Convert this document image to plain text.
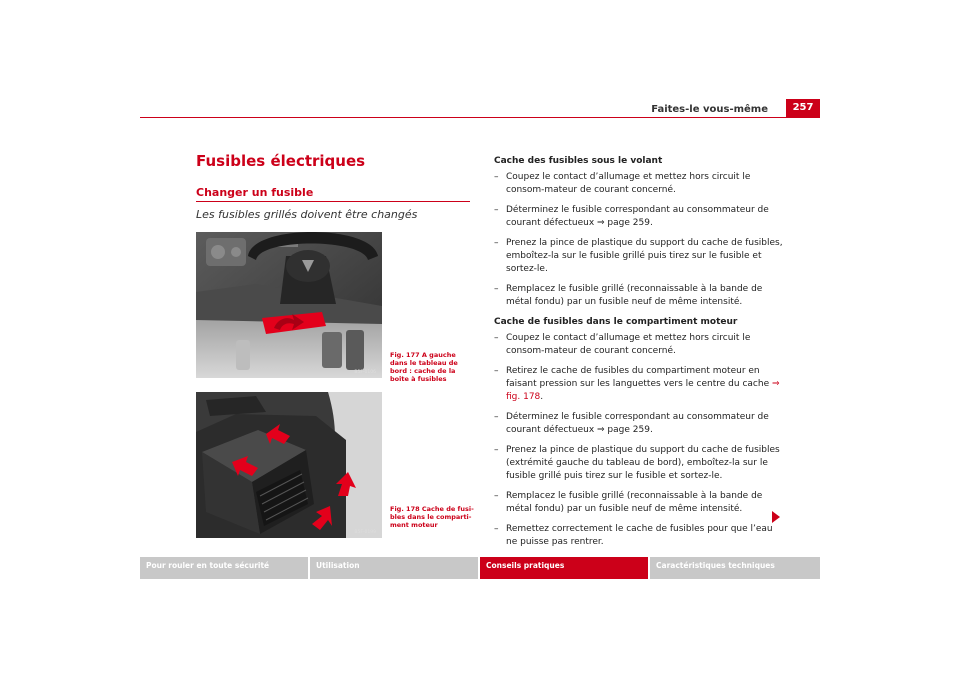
Faites-le vous-même	257
Fusibles électriques
Changer un fusible
Les fusibles grillés doivent être changés
B5F-0106
Fig. 177 A gauche dans le tableau de bord : cache de la boîte à fusibles
B5F-0199
Fig. 178 Cache de fusi-bles dans le comparti-ment moteur
Cache des fusibles sous le volant
– Coupez le contact d’allumage et mettez hors circuit le consom-mateur de courant concerné.
– Déterminez le fusible correspondant au consommateur de courant défectueux ⇒ page 259.
– Prenez la pince de plastique du support du cache de fusibles, emboîtez-la sur le fusible grillé puis tirez sur le fusible et sortez-le.
– Remplacez le fusible grillé (reconnaissable à la bande de métal fondu) par un fusible neuf de même intensité.
Cache de fusibles dans le compartiment moteur
– Coupez le contact d’allumage et mettez hors circuit le consom-mateur de courant concerné.
– Retirez le cache de fusibles du compartiment moteur en faisant pression sur les languettes vers le centre du cache ⇒ fig. 178.
– Déterminez le fusible correspondant au consommateur de courant défectueux ⇒ page 259.
– Prenez la pince de plastique du support du cache de fusibles (extrémité gauche du tableau de bord), emboîtez-la sur le fusible grillé puis tirez sur le fusible et sortez-le.
– Remplacez le fusible grillé (reconnaissable à la bande de métal fondu) par un fusible neuf de même intensité.
– Remettez correctement le cache de fusibles pour que l’eau ne puisse pas rentrer.
Pour rouler en toute sécurité	Utilisation	Conseils pratiques	Caractéristiques techniques
